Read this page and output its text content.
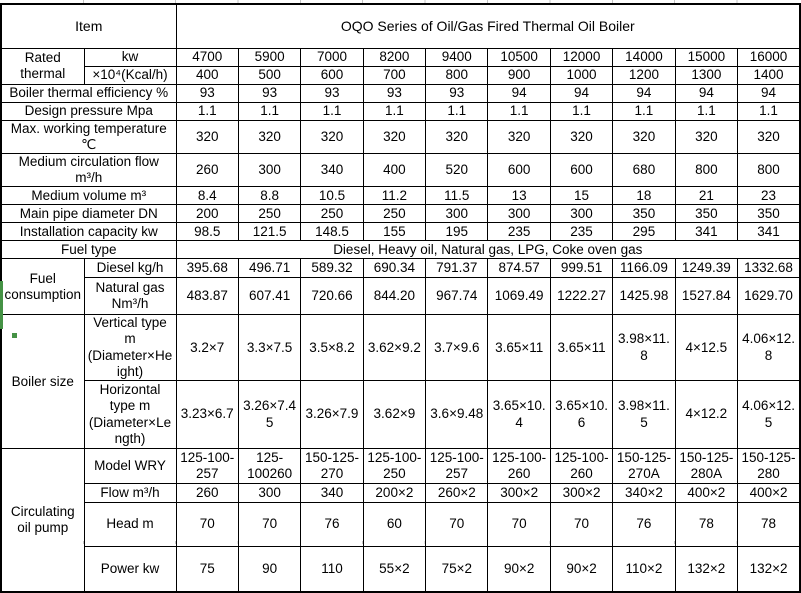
Item		OQO Series of Oil/Gas Fired Thermal Oil Boiler									
Rated thermal	kw	4700	5900	7000	8200	9400	10500	12000	14000	15000	16000
	×10⁴(Kcal/h)	400	500	600	700	800	900	1000	1200	1300	1400
Boiler thermal efficiency %		93	93	93	93	93	94	94	94	94	94
Design pressure Mpa		1.1	1.1	1.1	1.1	1.1	1.1	1.1	1.1	1.1	1.1
Max. working temperature ℃		320	320	320	320	320	320	320	320	320	320
Medium circulation flow m³/h		260	300	340	400	520	600	600	680	800	800
Medium volume m³		8.4	8.8	10.5	11.2	11.5	13	15	18	21	23
Main pipe diameter DN		200	250	250	250	300	300	300	350	350	350
Installation capacity kw		98.5	121.5	148.5	155	195	235	235	295	341	341
Fuel type		Diesel, Heavy oil, Natural gas, LPG, Coke oven gas									
Fuel consumption	Diesel kg/h	395.68	496.71	589.32	690.34	791.37	874.57	999.51	1166.09	1249.39	1332.68
	Natural gas Nm³/h	483.87	607.41	720.66	844.20	967.74	1069.49	1222.27	1425.98	1527.84	1629.70
Boiler size	Vertical type m (Diameter×Height)	3.2×7	3.3×7.5	3.5×8.2	3.62×9.2	3.7×9.6	3.65×11	3.65×11	3.98×11.8	4×12.5	4.06×12.8
	Horizontal type m (Diameter×Length)	3.23×6.7	3.26×7.45	3.26×7.9	3.62×9	3.6×9.48	3.65×10.4	3.65×10.6	3.98×11.5	4×12.2	4.06×12.5
Circulating oil pump	Model WRY	125-100-257	125-100260	150-125-270	125-100-250	125-100-257	125-100-260	125-100-260	150-125-270A	150-125-280A	150-125-280
	Flow m³/h	260	300	340	200×2	260×2	300×2	300×2	340×2	400×2	400×2
	Head m	70	70	76	60	70	70	70	76	78	78
	Power kw	75	90	110	55×2	75×2	90×2	90×2	110×2	132×2	132×2
